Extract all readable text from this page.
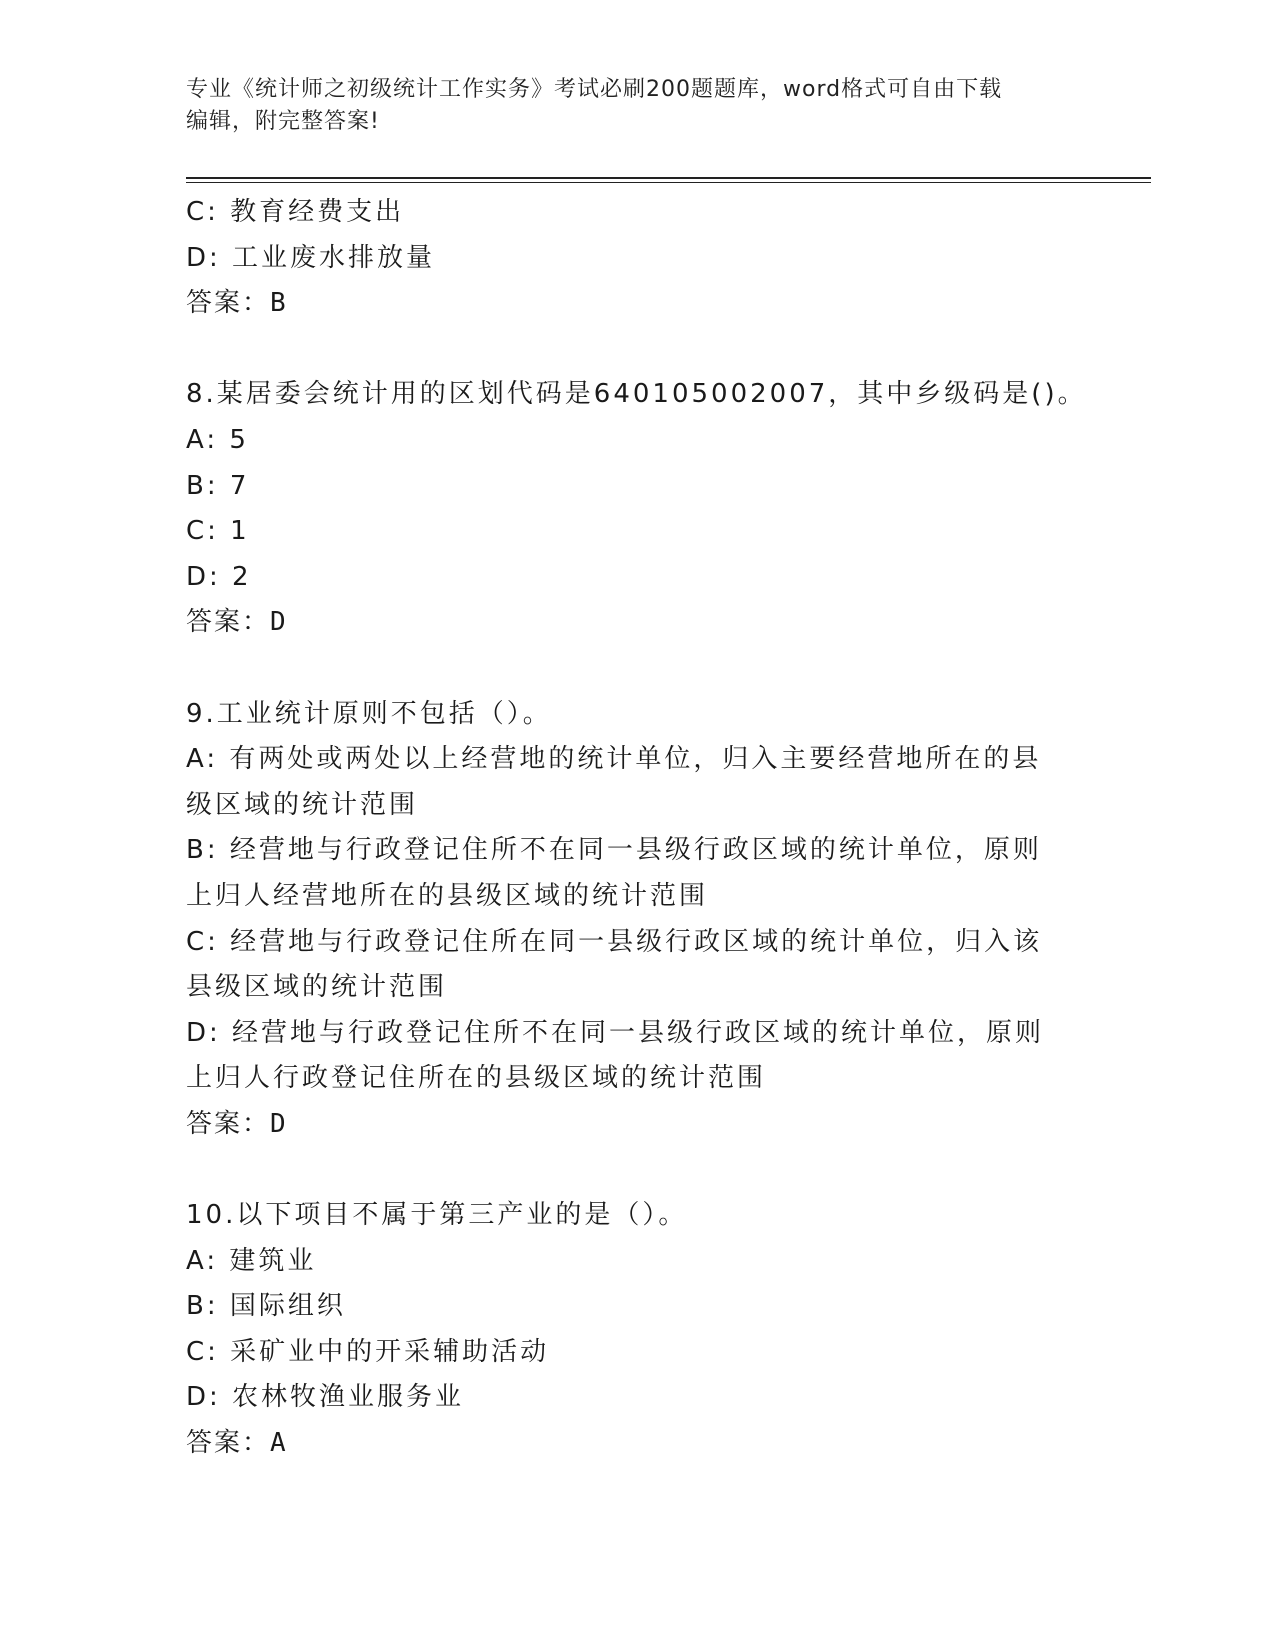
专业《统计师之初级统计工作实务》考试必刷200题题库，word格式可自由下载
编辑，附完整答案!
C: 教育经费支出
D: 工业废水排放量
答案：B
8.某居委会统计用的区划代码是640105002007，其中乡级码是()。
A: 5
B: 7
C: 1
D: 2
答案：D
9.工业统计原则不包括（）。
A: 有两处或两处以上经营地的统计单位，归入主要经营地所在的县级区域的统计范围
B: 经营地与行政登记住所不在同一县级行政区域的统计单位，原则上归人经营地所在的县级区域的统计范围
C: 经营地与行政登记住所在同一县级行政区域的统计单位，归入该县级区域的统计范围
D: 经营地与行政登记住所不在同一县级行政区域的统计单位，原则上归人行政登记住所在的县级区域的统计范围
答案：D
10.以下项目不属于第三产业的是（）。
A: 建筑业
B: 国际组织
C: 采矿业中的开采辅助活动
D: 农林牧渔业服务业
答案：A
